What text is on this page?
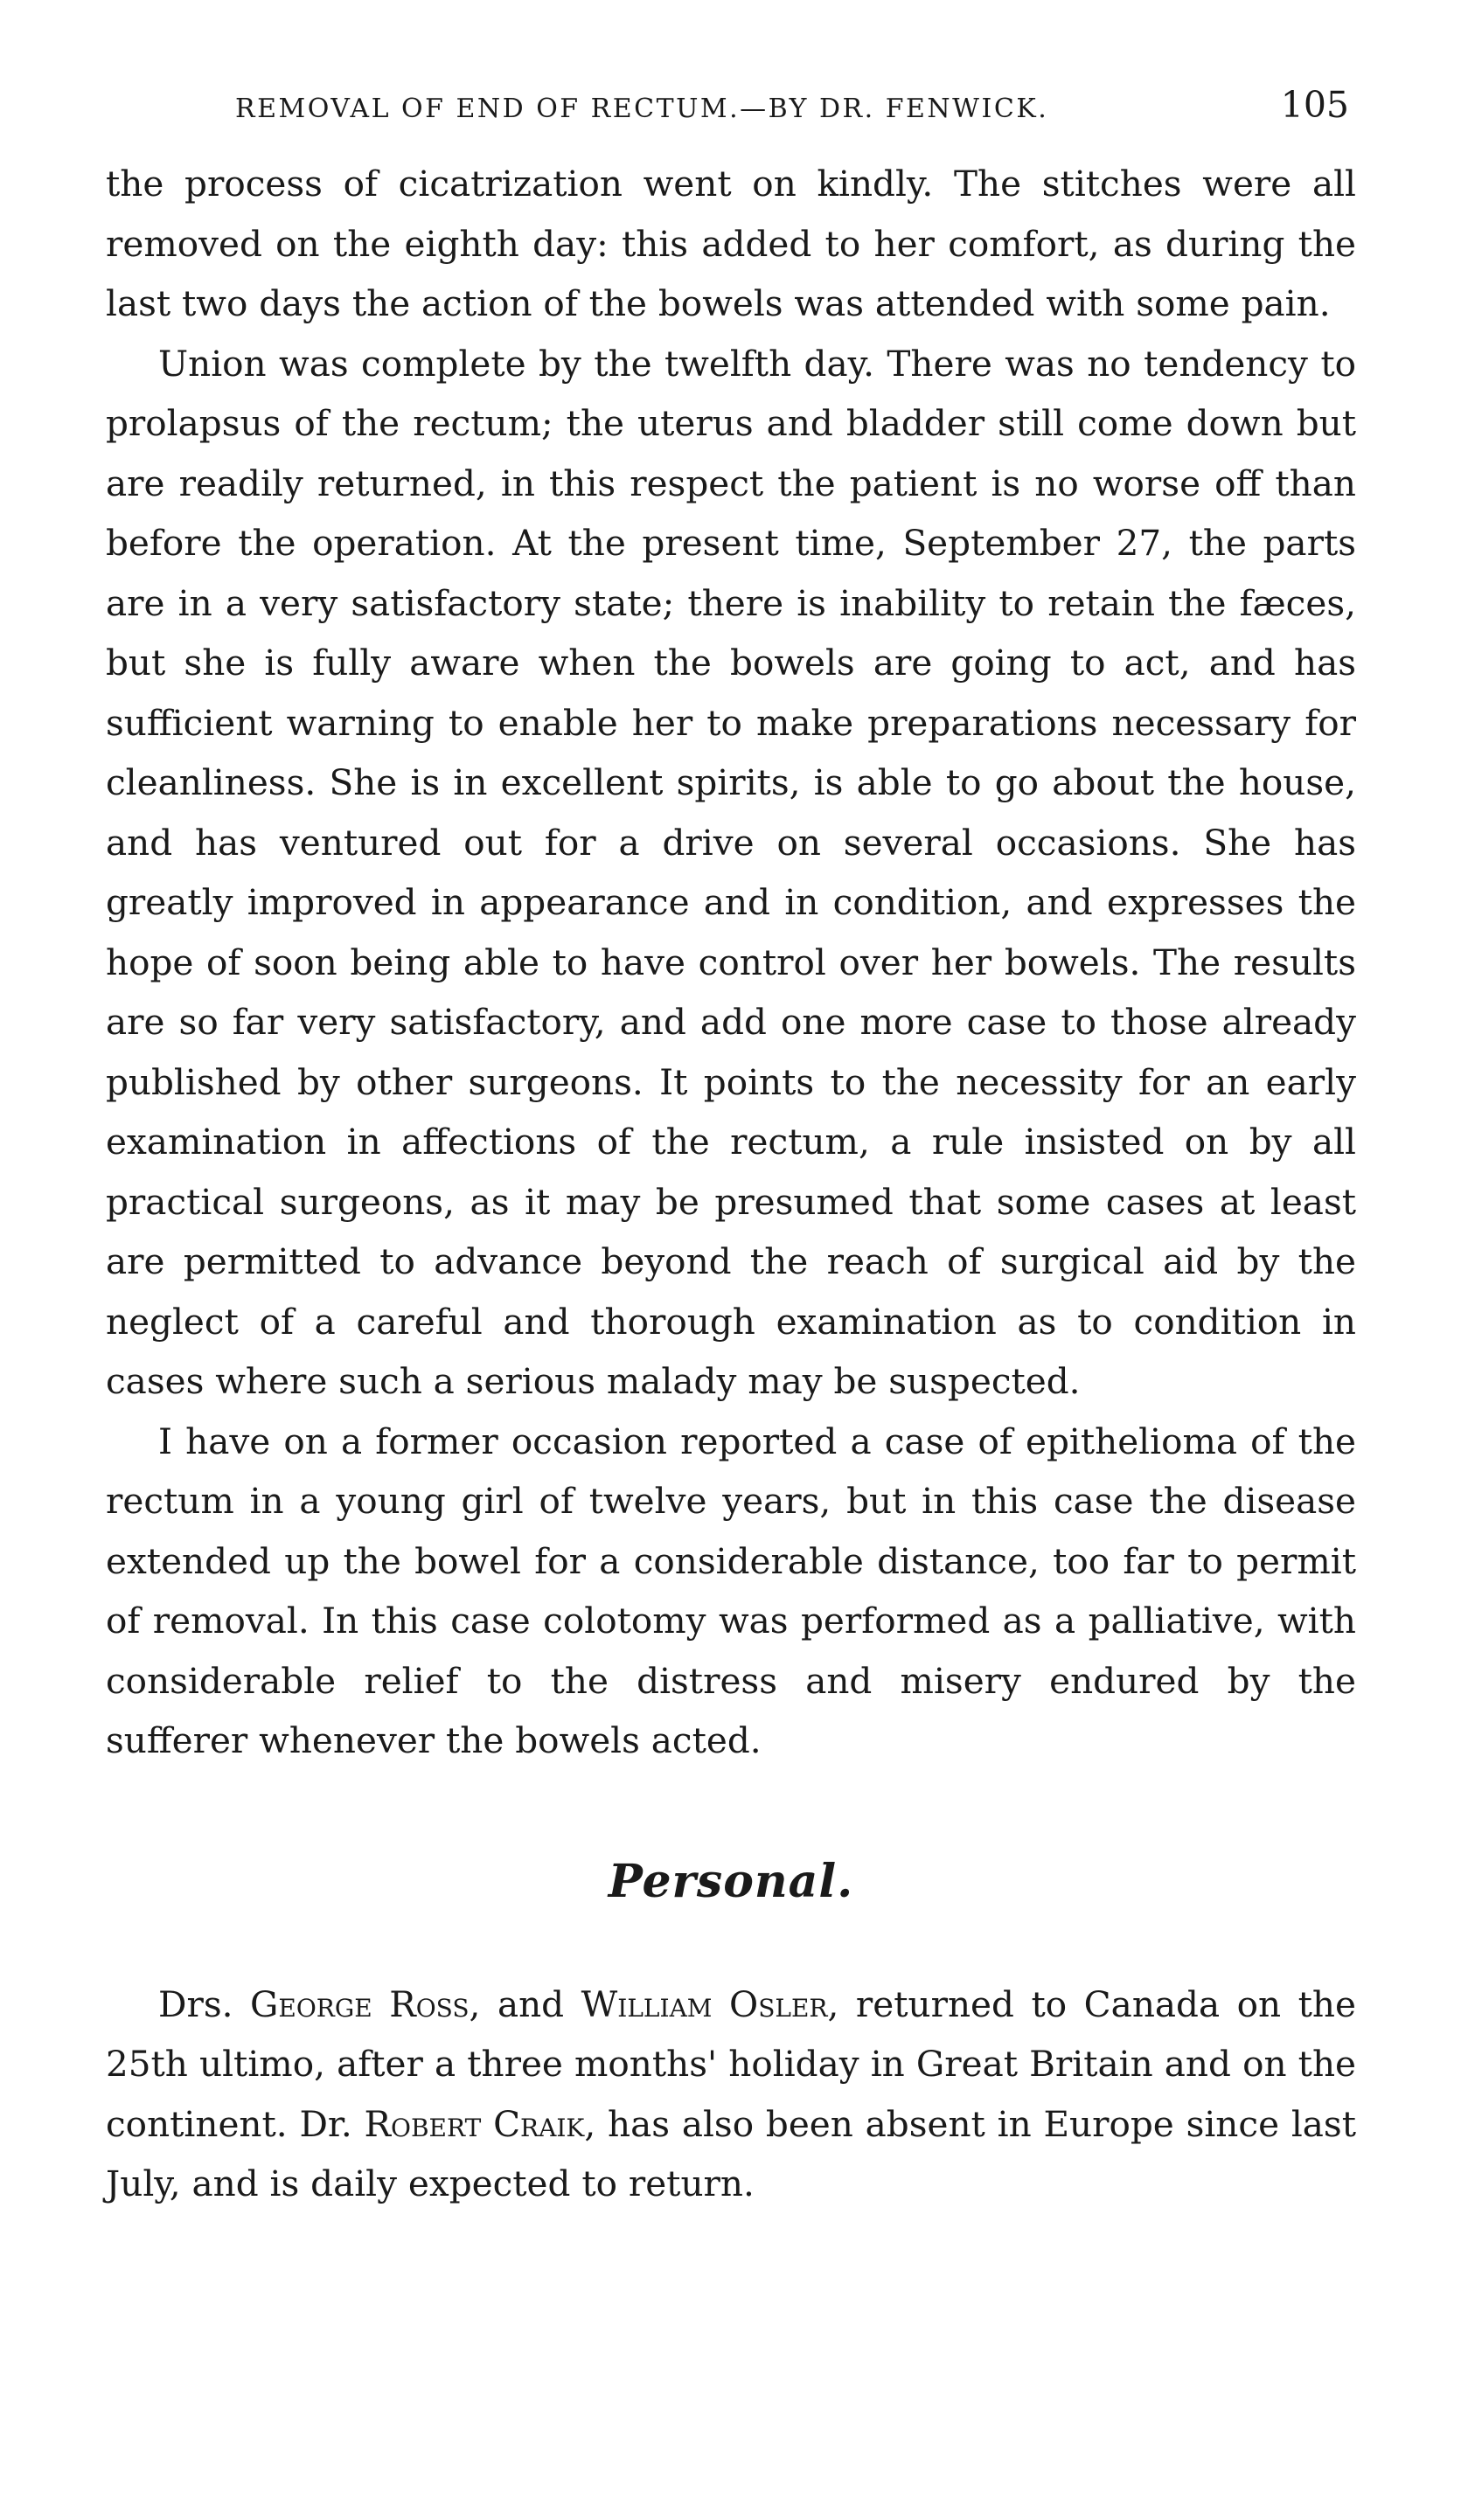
REMOVAL OF END OF RECTUM.—BY DR. FENWICK.	105

the process of cicatrization went on kindly. The stitches were all removed on the eighth day: this added to her comfort, as during the last two days the action of the bowels was attended with some pain.

Union was complete by the twelfth day. There was no tendency to prolapsus of the rectum; the uterus and bladder still come down but are readily returned, in this respect the patient is no worse off than before the operation. At the present time, September 27, the parts are in a very satisfactory state; there is inability to retain the fæces, but she is fully aware when the bowels are going to act, and has sufficient warning to enable her to make preparations necessary for cleanliness. She is in excellent spirits, is able to go about the house, and has ventured out for a drive on several occasions. She has greatly improved in appearance and in condition, and expresses the hope of soon being able to have control over her bowels. The results are so far very satisfactory, and add one more case to those already published by other surgeons. It points to the necessity for an early examination in affections of the rectum, a rule insisted on by all practical surgeons, as it may be presumed that some cases at least are permitted to advance beyond the reach of surgical aid by the neglect of a careful and thorough examination as to condition in cases where such a serious malady may be suspected.

I have on a former occasion reported a case of epithelioma of the rectum in a young girl of twelve years, but in this case the disease extended up the bowel for a considerable distance, too far to permit of removal. In this case colotomy was performed as a palliative, with considerable relief to the distress and misery endured by the sufferer whenever the bowels acted.

Personal.

Drs. George Ross, and William Osler, returned to Canada on the 25th ultimo, after a three months' holiday in Great Britain and on the continent. Dr. Robert Craik, has also been absent in Europe since last July, and is daily expected to return.
